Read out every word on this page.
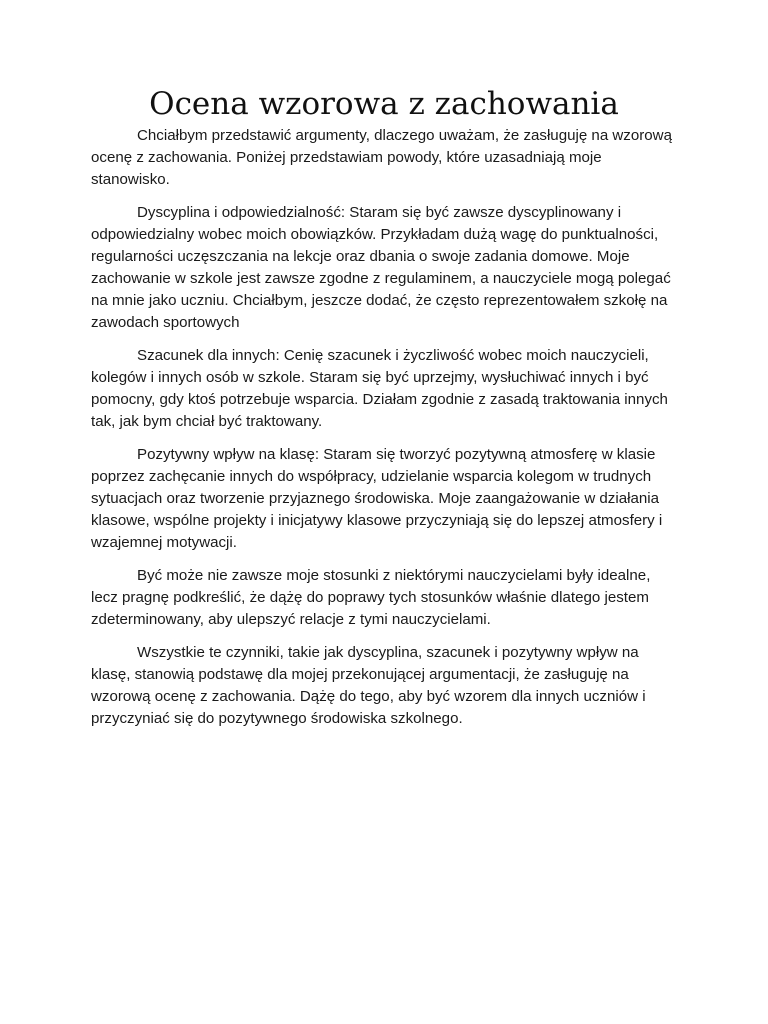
Ocena wzorowa z zachowania

Chciałbym przedstawić argumenty, dlaczego uważam, że zasługuję na wzorową ocenę z zachowania. Poniżej przedstawiam powody, które uzasadniają moje stanowisko.

Dyscyplina i odpowiedzialność: Staram się być zawsze dyscyplinowany i odpowiedzialny wobec moich obowiązków. Przykładam dużą wagę do punktualności, regularności uczęszczania na lekcje oraz dbania o swoje zadania domowe. Moje zachowanie w szkole jest zawsze zgodne z regulaminem, a nauczyciele mogą polegać na mnie jako uczniu. Chciałbym, jeszcze dodać, że często reprezentowałem szkołę na zawodach sportowych

Szacunek dla innych: Cenię szacunek i życzliwość wobec moich nauczycieli, kolegów i innych osób w szkole. Staram się być uprzejmy, wysłuchiwać innych i być pomocny, gdy ktoś potrzebuje wsparcia. Działam zgodnie z zasadą traktowania innych tak, jak bym chciał być traktowany.

Pozytywny wpływ na klasę: Staram się tworzyć pozytywną atmosferę w klasie poprzez zachęcanie innych do współpracy, udzielanie wsparcia kolegom w trudnych sytuacjach oraz tworzenie przyjaznego środowiska. Moje zaangażowanie w działania klasowe, wspólne projekty i inicjatywy klasowe przyczyniają się do lepszej atmosfery i wzajemnej motywacji.

Być może nie zawsze moje stosunki z niektórymi nauczycielami były idealne, lecz pragnę podkreślić, że dążę do poprawy tych stosunków właśnie dlatego jestem zdeterminowany, aby ulepszyć relacje z tymi nauczycielami.

Wszystkie te czynniki, takie jak dyscyplina, szacunek i pozytywny wpływ na klasę, stanowią podstawę dla mojej przekonującej argumentacji, że zasługuję na wzorową ocenę z zachowania. Dążę do tego, aby być wzorem dla innych uczniów i przyczyniać się do pozytywnego środowiska szkolnego.
